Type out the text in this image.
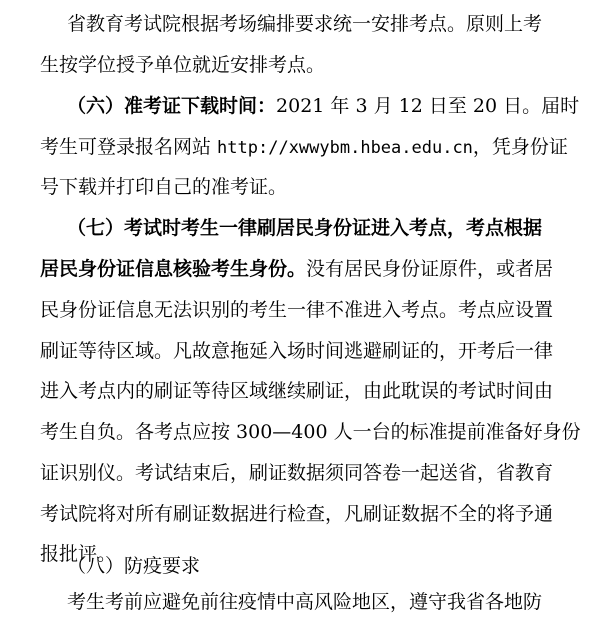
省教育考试院根据考场编排要求统一安排考点。原则上考
生按学位授予单位就近安排考点。
（六）准考证下载时间：2021 年 3 月 12 日至 20 日。届时
考生可登录报名网站 http://xwwybm.hbea.edu.cn，凭身份证
号下载并打印自己的准考证。
（七）考试时考生一律刷居民身份证进入考点，考点根据
居民身份证信息核验考生身份。没有居民身份证原件，或者居
民身份证信息无法识别的考生一律不准进入考点。考点应设置
刷证等待区域。凡故意拖延入场时间逃避刷证的，开考后一律
进入考点内的刷证等待区域继续刷证，由此耽误的考试时间由
考生自负。各考点应按 300—400 人一台的标准提前准备好身份
证识别仪。考试结束后，刷证数据须同答卷一起送省，省教育
考试院将对所有刷证数据进行检查，凡刷证数据不全的将予通
报批评。
（八）防疫要求
考生考前应避免前往疫情中高风险地区，遵守我省各地防
